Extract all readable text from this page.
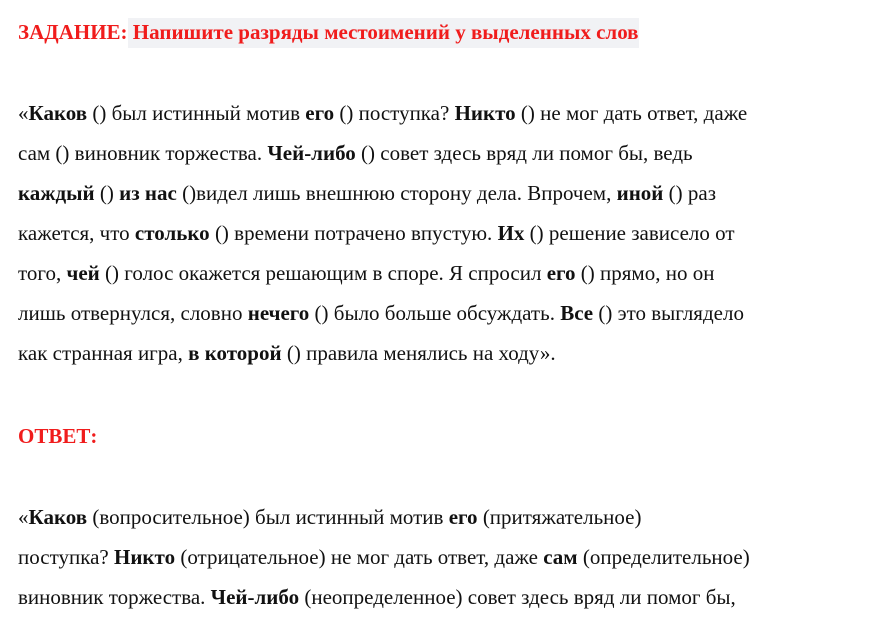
ЗАДАНИЕ: Напишите разряды местоимений у выделенных слов
«Каков () был истинный мотив его () поступка? Никто () не мог дать ответ, даже
сам () виновник торжества. Чей-либо () совет здесь вряд ли помог бы, ведь
каждый () из нас ()видел лишь внешнюю сторону дела. Впрочем, иной () раз
кажется, что столько () времени потрачено впустую. Их () решение зависело от
того, чей () голос окажется решающим в споре. Я спросил его () прямо, но он
лишь отвернулся, словно нечего () было больше обсуждать. Все () это выглядело
как странная игра, в которой () правила менялись на ходу».
ОТВЕТ:
«Каков (вопросительное) был истинный мотив его (притяжательное)
поступка? Никто (отрицательное) не мог дать ответ, даже сам (определительное)
виновник торжества. Чей-либо (неопределенное) совет здесь вряд ли помог бы,
